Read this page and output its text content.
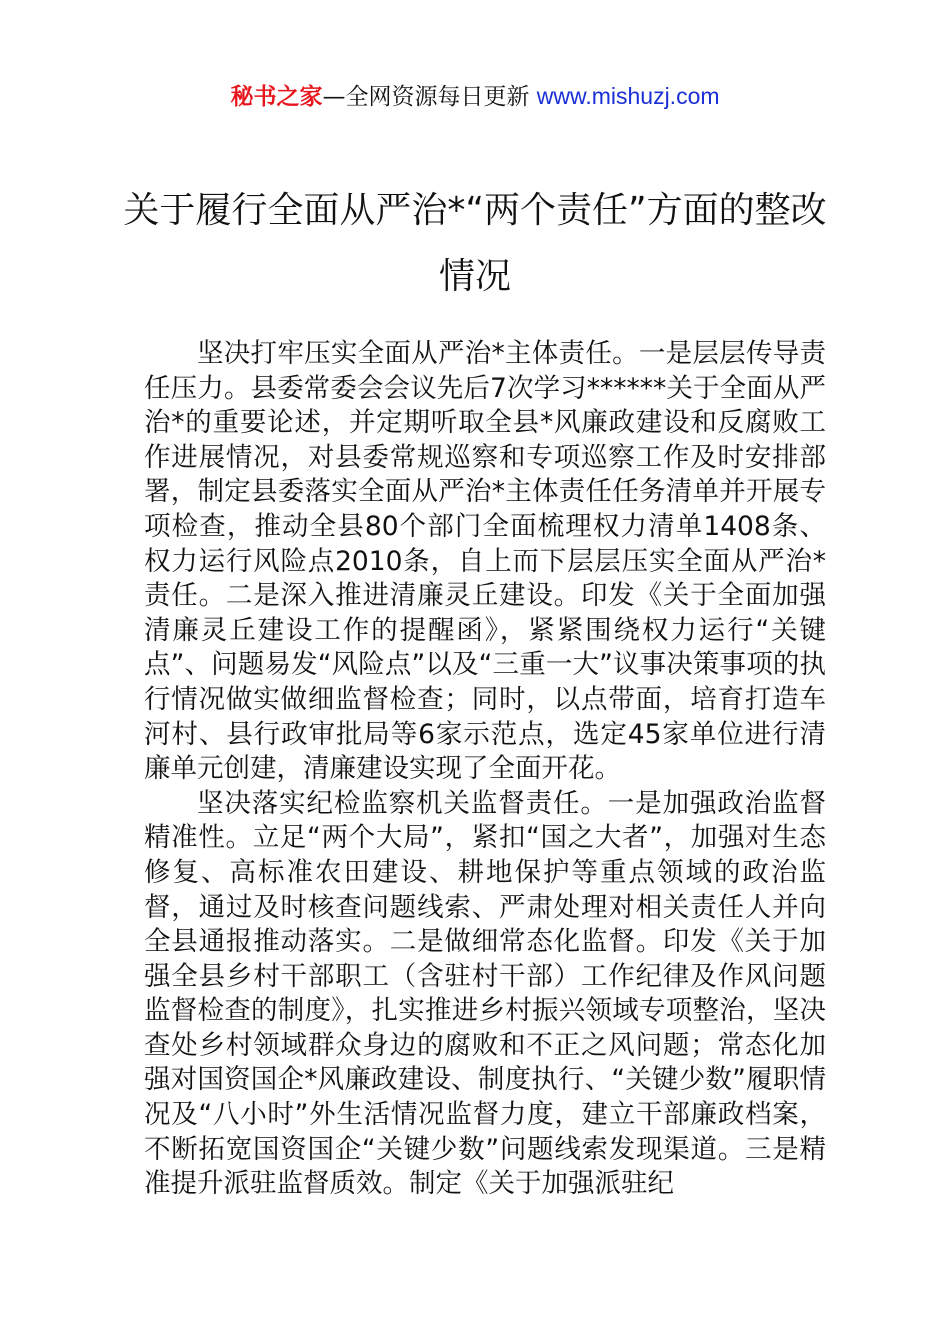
秘书之家—全网资源每日更新 www.mishuzj.com
关于履行全面从严治*“两个责任”方面的整改情况

坚决打牢压实全面从严治*主体责任。一是层层传导责任压力。县委常委会会议先后7次学习******关于全面从严治*的重要论述，并定期听取全县*风廉政建设和反腐败工作进展情况，对县委常规巡察和专项巡察工作及时安排部署，制定县委落实全面从严治*主体责任任务清单并开展专项检查，推动全县80个部门全面梳理权力清单1408条、权力运行风险点2010条，自上而下层层压实全面从严治*责任。二是深入推进清廉灵丘建设。印发《关于全面加强清廉灵丘建设工作的提醒函》，紧紧围绕权力运行“关键点”、问题易发“风险点”以及“三重一大”议事决策事项的执行情况做实做细监督检查；同时，以点带面，培育打造车河村、县行政审批局等6家示范点，选定45家单位进行清廉单元创建，清廉建设实现了全面开花。

坚决落实纪检监察机关监督责任。一是加强政治监督精准性。立足“两个大局”，紧扣“国之大者”，加强对生态修复、高标准农田建设、耕地保护等重点领域的政治监督，通过及时核查问题线索、严肃处理对相关责任人并向全县通报推动落实。二是做细常态化监督。印发《关于加强全县乡村干部职工（含驻村干部）工作纪律及作风问题监督检查的制度》，扎实推进乡村振兴领域专项整治，坚决查处乡村领域群众身边的腐败和不正之风问题；常态化加强对国资国企*风廉政建设、制度执行、“关键少数”履职情况及“八小时”外生活情况监督力度，建立干部廉政档案，不断拓宽国资国企“关键少数”问题线索发现渠道。三是精准提升派驻监督质效。制定《关于加强派驻纪
